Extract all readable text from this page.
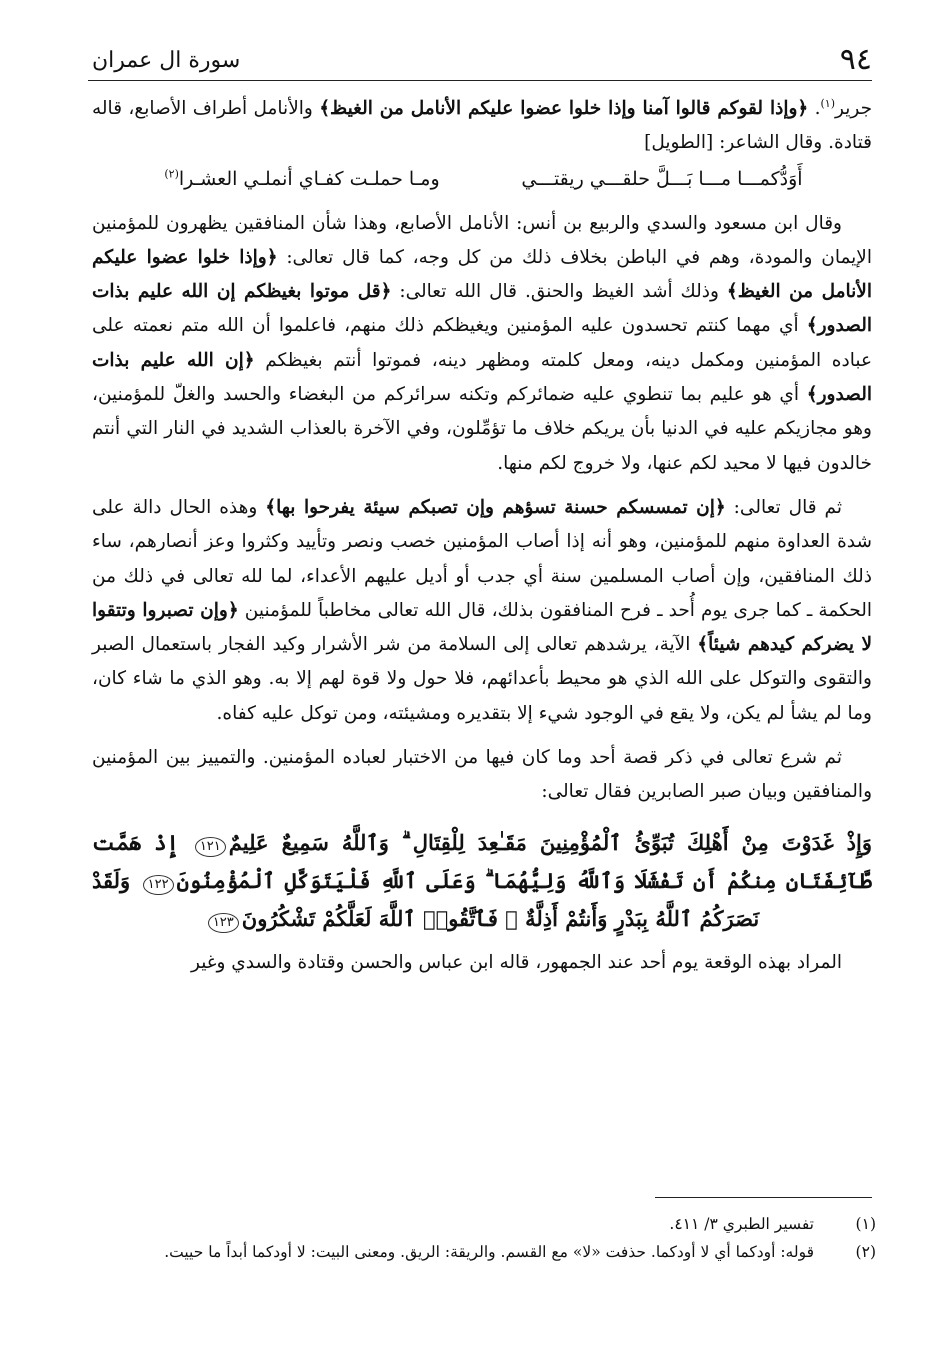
٩٤
سورة ال عمران

جرير$^{(١)}$. ﴿وإذا لقوكم قالوا آمنا وإذا خلوا عضوا عليكم الأنامل من الغيظ﴾ والأنامل أطراف الأصابع، قاله قتادة. وقال الشاعر: [الطويل]

أَوَدُّكمـــا مـــا بَـــلَّ حلقـــي ريقتـــيومـا حملـت كفـاي أنملـي العشـرا$^{(٢)}$

وقال ابن مسعود والسدي والربيع بن أنس: الأنامل الأصابع، وهذا شأن المنافقين يظهرون للمؤمنين الإيمان والمودة، وهم في الباطن بخلاف ذلك من كل وجه، كما قال تعالى: ﴿وإذا خلوا عضوا عليكم الأنامل من الغيظ﴾ وذلك أشد الغيظ والحنق. قال الله تعالى: ﴿قل موتوا بغيظكم إن الله عليم بذات الصدور﴾ أي مهما كنتم تحسدون عليه المؤمنين ويغيظكم ذلك منهم، فاعلموا أن الله متم نعمته على عباده المؤمنين ومكمل دينه، ومعل كلمته ومظهر دينه، فموتوا أنتم بغيظكم ﴿إن الله عليم بذات الصدور﴾ أي هو عليم بما تنطوي عليه ضمائركم وتكنه سرائركم من البغضاء والحسد والغلّ للمؤمنين، وهو مجازيكم عليه في الدنيا بأن يريكم خلاف ما تؤمِّلون، وفي الآخرة بالعذاب الشديد في النار التي أنتم خالدون فيها لا محيد لكم عنها، ولا خروج لكم منها.

ثم قال تعالى: ﴿إن تمسسكم حسنة تسؤهم وإن تصبكم سيئة يفرحوا بها﴾ وهذه الحال دالة على شدة العداوة منهم للمؤمنين، وهو أنه إذا أصاب المؤمنين خصب ونصر وتأييد وكثروا وعز أنصارهم، ساء ذلك المنافقين، وإن أصاب المسلمين سنة أي جدب أو أديل عليهم الأعداء، لما لله تعالى في ذلك من الحكمة ـ كما جرى يوم أُحد ـ فرح المنافقون بذلك، قال الله تعالى مخاطباً للمؤمنين ﴿وإن تصبروا وتتقوا لا يضركم كيدهم شيئاً﴾ الآية، يرشدهم تعالى إلى السلامة من شر الأشرار وكيد الفجار باستعمال الصبر والتقوى والتوكل على الله الذي هو محيط بأعدائهم، فلا حول ولا قوة لهم إلا به. وهو الذي ما شاء كان، وما لم يشأ لم يكن، ولا يقع في الوجود شيء إلا بتقديره ومشيئته، ومن توكل عليه كفاه.

ثم شرع تعالى في ذكر قصة أحد وما كان فيها من الاختبار لعباده المؤمنين. والتمييز بين المؤمنين والمنافقين وبيان صبر الصابرين فقال تعالى:

وَإِذْ غَدَوْتَ مِنْ أَهْلِكَ تُبَوِّئُ ٱلْمُؤْمِنِينَ مَقَـٰعِدَ لِلْقِتَالِ ۗ وَٱللَّهُ سَمِيعٌ عَلِيمٌ١٢١ إِذْ هَمَّت طَّآئِفَتَانِ مِنكُمْ أَن تَفْشَلَا وَٱللَّهُ وَلِيُّهُمَا ۗ وَعَلَى ٱللَّهِ فَلْيَتَوَكَّلِ ٱلْمُؤْمِنُونَ١٢٢ وَلَقَدْ نَصَرَكُمُ ٱللَّهُ بِبَدْرٍ وَأَنتُمْ أَذِلَّةٌ ۖ فَٱتَّقُوا۟ ٱللَّهَ لَعَلَّكُمْ تَشْكُرُونَ١٢٣

المراد بهذه الوقعة يوم أحد عند الجمهور، قاله ابن عباس والحسن وقتادة والسدي وغير

(١)
تفسير الطبري ٣/ ٤١١.
(٢)
قوله: أودكما أي لا أودكما. حذفت «لا» مع القسم. والريقة: الريق. ومعنى البيت: لا أودكما أبداً ما حييت.
